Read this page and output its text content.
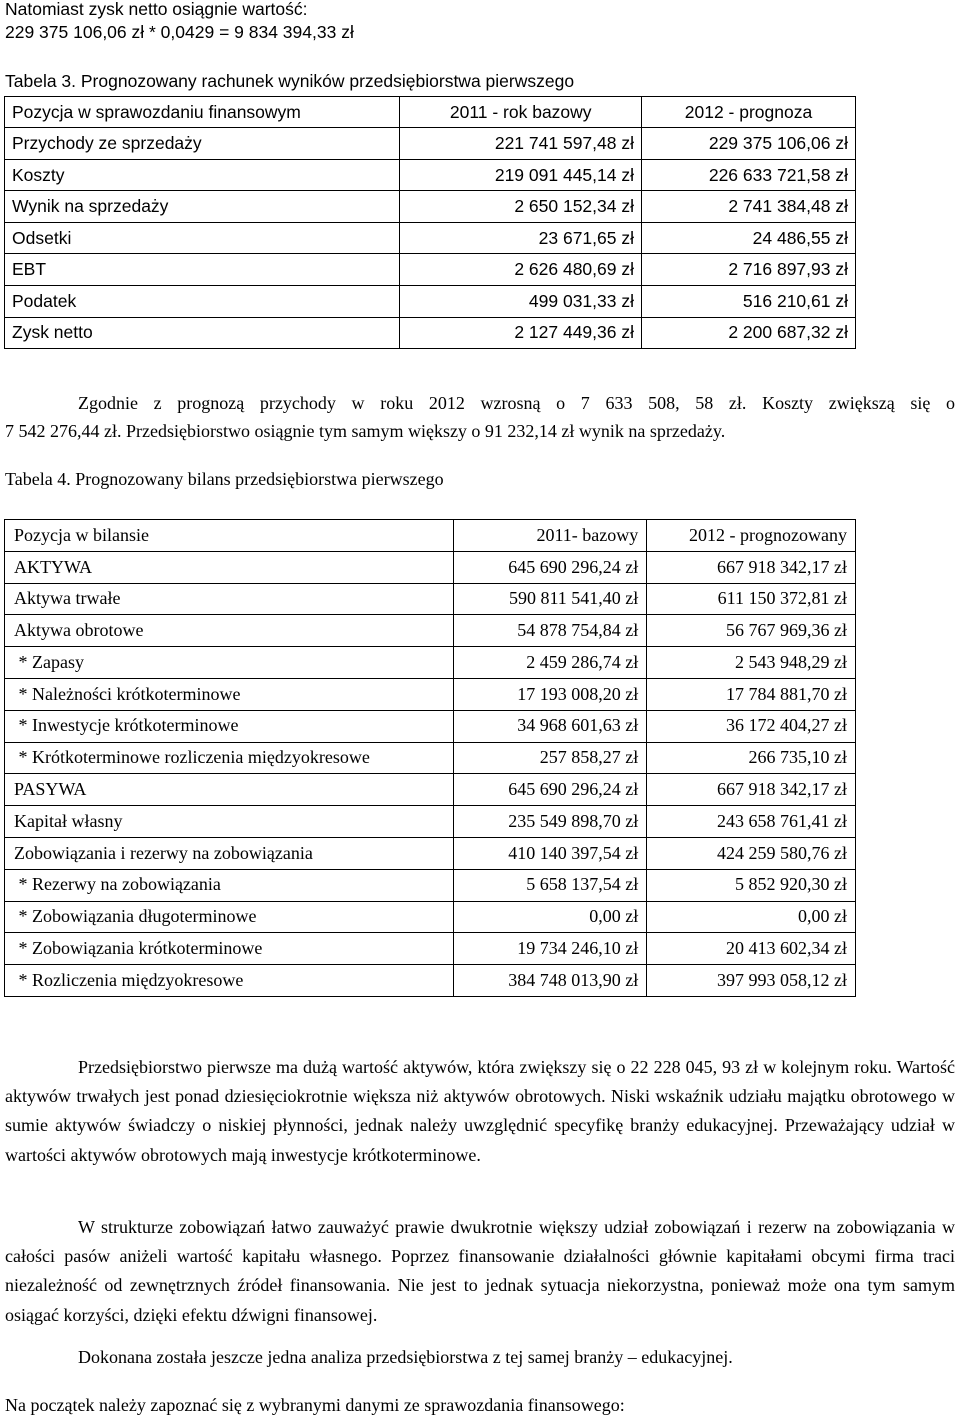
Natomiast zysk netto osiągnie wartość:
229 375 106,06 zł * 0,0429 = 9 834 394,33 zł
Tabela 3. Prognozowany rachunek wyników przedsiębiorstwa pierwszego
Pozycja w sprawozdaniu finansowym	2011 - rok bazowy	2012 - prognoza
Przychody ze sprzedaży	221 741 597,48 zł	229 375 106,06 zł
Koszty	219 091 445,14 zł	226 633 721,58 zł
Wynik na sprzedaży	2 650 152,34 zł	2 741 384,48 zł
Odsetki	23 671,65 zł	24 486,55 zł
EBT	2 626 480,69 zł	2 716 897,93 zł
Podatek	499 031,33 zł	516 210,61 zł
Zysk netto	2 127 449,36 zł	2 200 687,32 zł

Zgodnie z prognozą przychody w roku 2012 wzrosną o 7 633 508, 58 zł. Koszty zwiększą się o

7 542 276,44 zł. Przedsiębiorstwo osiągnie tym samym większy o 91 232,14 zł wynik na sprzedaży.

Tabela 4. Prognozowany bilans przedsiębiorstwa pierwszego
Pozycja w bilansie	2011- bazowy	2012 - prognozowany
AKTYWA	645 690 296,24 zł	667 918 342,17 zł
Aktywa trwałe	590 811 541,40 zł	611 150 372,81 zł
Aktywa obrotowe	54 878 754,84 zł	56 767 969,36 zł
* Zapasy	2 459 286,74 zł	2 543 948,29 zł
* Należności krótkoterminowe	17 193 008,20 zł	17 784 881,70 zł
* Inwestycje krótkoterminowe	34 968 601,63 zł	36 172 404,27 zł
* Krótkoterminowe rozliczenia międzyokresowe	257 858,27 zł	266 735,10 zł
PASYWA	645 690 296,24 zł	667 918 342,17 zł
Kapitał własny	235 549 898,70 zł	243 658 761,41 zł
Zobowiązania i rezerwy na zobowiązania	410 140 397,54 zł	424 259 580,76 zł
* Rezerwy na zobowiązania	5 658 137,54 zł	5 852 920,30 zł
* Zobowiązania długoterminowe	0,00 zł	0,00 zł
* Zobowiązania krótkoterminowe	19 734 246,10 zł	20 413 602,34 zł
* Rozliczenia międzyokresowe	384 748 013,90 zł	397 993 058,12 zł

Przedsiębiorstwo pierwsze ma dużą wartość aktywów, która zwiększy się o 22 228 045, 93 zł w kolejnym roku. Wartość aktywów trwałych jest ponad dziesięciokrotnie większa niż aktywów obrotowych. Niski wskaźnik udziału majątku obrotowego w sumie aktywów świadczy o niskiej płynności, jednak należy uwzględnić specyfikę branży edukacyjnej. Przeważający udział w wartości aktywów obrotowych mają inwestycje krótkoterminowe.

W strukturze zobowiązań łatwo zauważyć prawie dwukrotnie większy udział zobowiązań i rezerw na zobowiązania w całości pasów aniżeli wartość kapitału własnego. Poprzez finansowanie działalności głównie kapitałami obcymi firma traci niezależność od zewnętrznych źródeł finansowania. Nie jest to jednak sytuacja niekorzystna, ponieważ może ona tym samym osiągać korzyści, dzięki efektu dźwigni finansowej.

Dokonana została jeszcze jedna analiza przedsiębiorstwa z tej samej branży – edukacyjnej.

Na początek należy zapoznać się z wybranymi danymi ze sprawozdania finansowego:
